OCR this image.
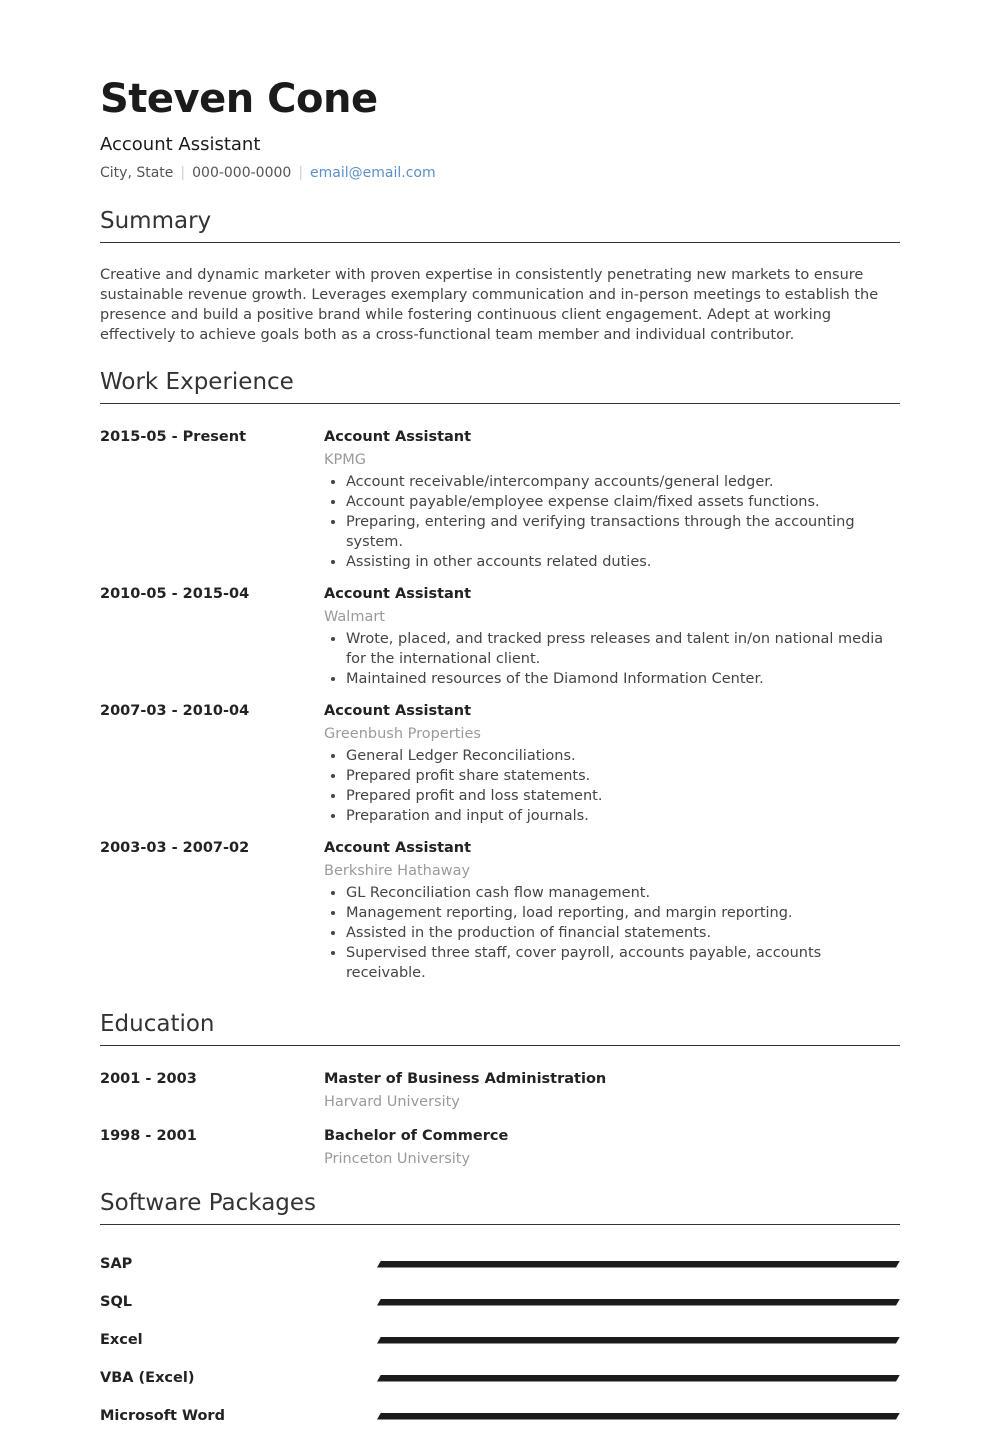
Steven Cone
Account Assistant
City, State | 000-000-0000 | email@email.com
Summary
Creative and dynamic marketer with proven expertise in consistently penetrating new markets to ensure sustainable revenue growth. Leverages exemplary communication and in-person meetings to establish the presence and build a positive brand while fostering continuous client engagement. Adept at working effectively to achieve goals both as a cross-functional team member and individual contributor.
Work Experience
2015-05 - Present	Account Assistant
KPMG
• Account receivable/intercompany accounts/general ledger.
• Account payable/employee expense claim/fixed assets functions.
• Preparing, entering and verifying transactions through the accounting system.
• Assisting in other accounts related duties.
2010-05 - 2015-04	Account Assistant
Walmart
• Wrote, placed, and tracked press releases and talent in/on national media for the international client.
• Maintained resources of the Diamond Information Center.
2007-03 - 2010-04	Account Assistant
Greenbush Properties
• General Ledger Reconciliations.
• Prepared profit share statements.
• Prepared profit and loss statement.
• Preparation and input of journals.
2003-03 - 2007-02	Account Assistant
Berkshire Hathaway
• GL Reconciliation cash flow management.
• Management reporting, load reporting, and margin reporting.
• Assisted in the production of financial statements.
• Supervised three staff, cover payroll, accounts payable, accounts receivable.
Education
2001 - 2003	Master of Business Administration
Harvard University
1998 - 2001	Bachelor of Commerce
Princeton University
Software Packages
SAP
SQL
Excel
VBA (Excel)
Microsoft Word
